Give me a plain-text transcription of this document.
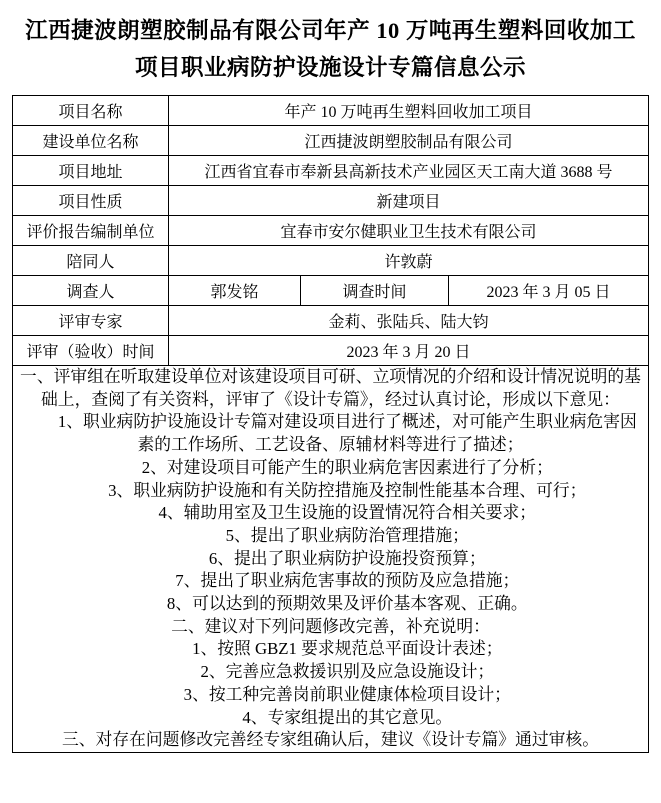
江西捷波朗塑胶制品有限公司年产 10 万吨再生塑料回收加工项目职业病防护设施设计专篇信息公示
项目名称	年产 10 万吨再生塑料回收加工项目		
建设单位名称	江西捷波朗塑胶制品有限公司		
项目地址	江西省宜春市奉新县高新技术产业园区天工南大道 3688 号		
项目性质	新建项目		
评价报告编制单位	宜春市安尔健职业卫生技术有限公司		
陪同人	许敦蔚		
调查人	郭发铭	调查时间	2023 年 3 月 05 日
评审专家	金莉、张陆兵、陆大钧		
评审（验收）时间	2023 年 3 月 20 日		

一、评审组在听取建设单位对该建设项目可研、立项情况的介绍和设计情况说明的基础上，查阅了有关资料，评审了《设计专篇》，经过认真讨论，形成以下意见：

1、职业病防护设施设计专篇对建设项目进行了概述，对可能产生职业病危害因素的工作场所、工艺设备、原辅材料等进行了描述；

2、对建设项目可能产生的职业病危害因素进行了分析；

3、职业病防护设施和有关防控措施及控制性能基本合理、可行；

4、辅助用室及卫生设施的设置情况符合相关要求；

5、提出了职业病防治管理措施；

6、提出了职业病防护设施投资预算；

7、提出了职业病危害事故的预防及应急措施；

8、可以达到的预期效果及评价基本客观、正确。

二、建议对下列问题修改完善，补充说明：

1、按照 GBZ1 要求规范总平面设计表述；

2、完善应急救援识别及应急设施设计；

3、按工种完善岗前职业健康体检项目设计；

4、专家组提出的其它意见。

三、对存在问题修改完善经专家组确认后，建议《设计专篇》通过审核。
